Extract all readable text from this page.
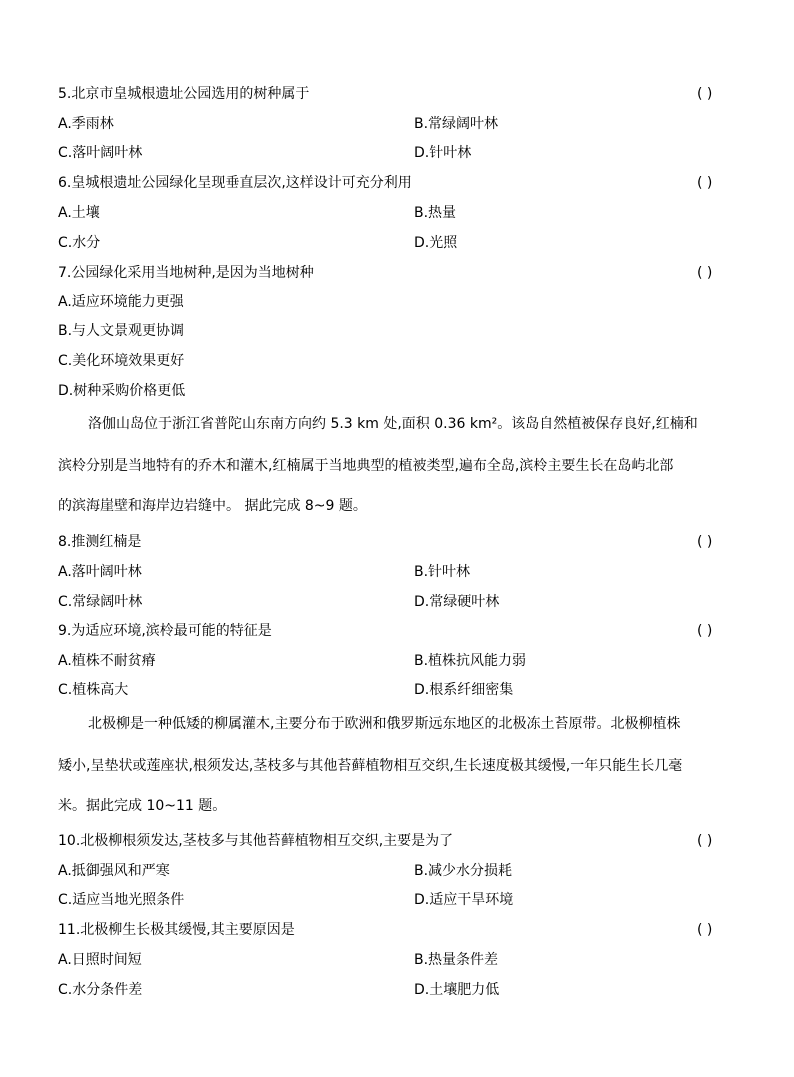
5.北京市皇城根遗址公园选用的树种属于	( )
A.季雨林	B.常绿阔叶林
C.落叶阔叶林	D.针叶林
6.皇城根遗址公园绿化呈现垂直层次,这样设计可充分利用	( )
A.土壤	B.热量
C.水分	D.光照
7.公园绿化采用当地树种,是因为当地树种	( )
A.适应环境能力更强
B.与人文景观更协调
C.美化环境效果更好
D.树种采购价格更低
洛伽山岛位于浙江省普陀山东南方向约 5.3 km 处,面积 0.36 km²。该岛自然植被保存良好,红楠和
滨柃分别是当地特有的乔木和灌木,红楠属于当地典型的植被类型,遍布全岛,滨柃主要生长在岛屿北部
的滨海崖壁和海岸边岩缝中。 据此完成 8~9 题。
8.推测红楠是	( )
A.落叶阔叶林	B.针叶林
C.常绿阔叶林	D.常绿硬叶林
9.为适应环境,滨柃最可能的特征是	( )
A.植株不耐贫瘠	B.植株抗风能力弱
C.植株高大	D.根系纤细密集
北极柳是一种低矮的柳属灌木,主要分布于欧洲和俄罗斯远东地区的北极冻土苔原带。北极柳植株
矮小,呈垫状或莲座状,根须发达,茎枝多与其他苔藓植物相互交织,生长速度极其缓慢,一年只能生长几毫
米。据此完成 10~11 题。
10.北极柳根须发达,茎枝多与其他苔藓植物相互交织,主要是为了	( )
A.抵御强风和严寒	B.减少水分损耗
C.适应当地光照条件	D.适应干旱环境
11.北极柳生长极其缓慢,其主要原因是	( )
A.日照时间短	B.热量条件差
C.水分条件差	D.土壤肥力低
